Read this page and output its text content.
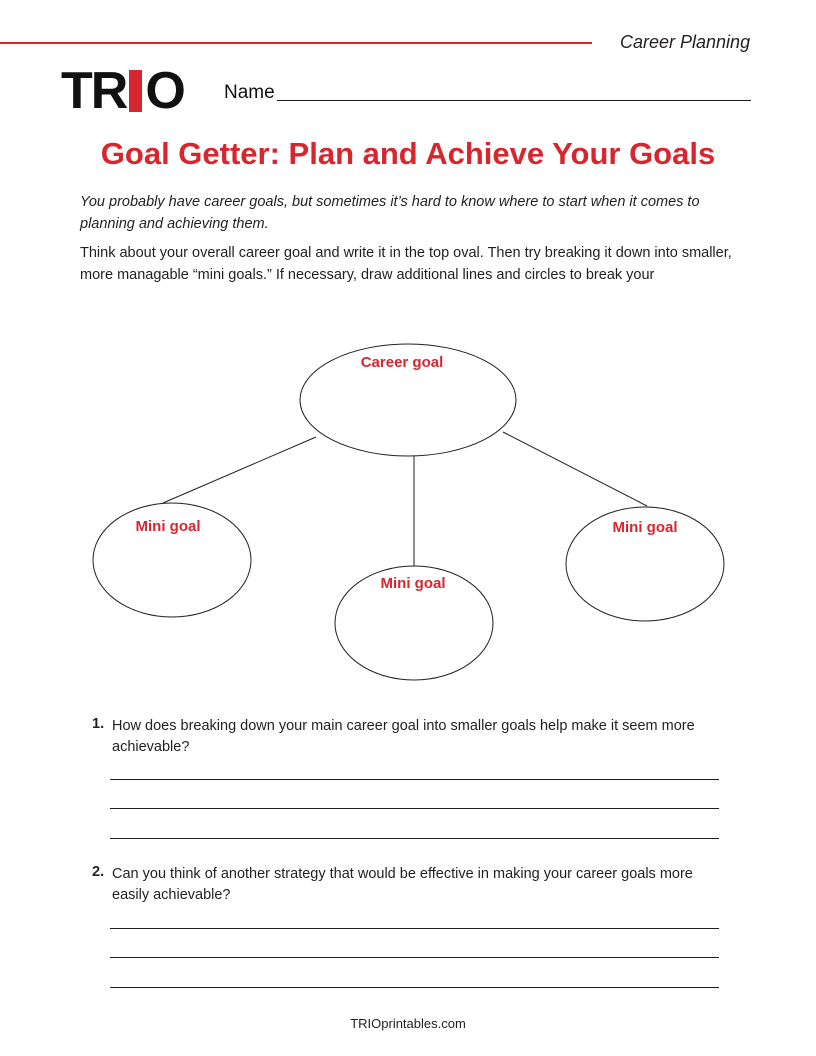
Career Planning
TR O Name
Goal Getter: Plan and Achieve Your Goals
You probably have career goals, but sometimes it’s hard to know where to start when it comes to planning and achieving them.
Think about your overall career goal and write it in the top oval. Then try breaking it down into smaller, more managable “mini goals.” If necessary, draw additional lines and circles to break your
Career goal
Mini goal
Mini goal
Mini goal
1. How does breaking down your main career goal into smaller goals help make it seem more achievable?
2. Can you think of another strategy that would be effective in making your career goals more easily achievable?
TRIOprintables.com
